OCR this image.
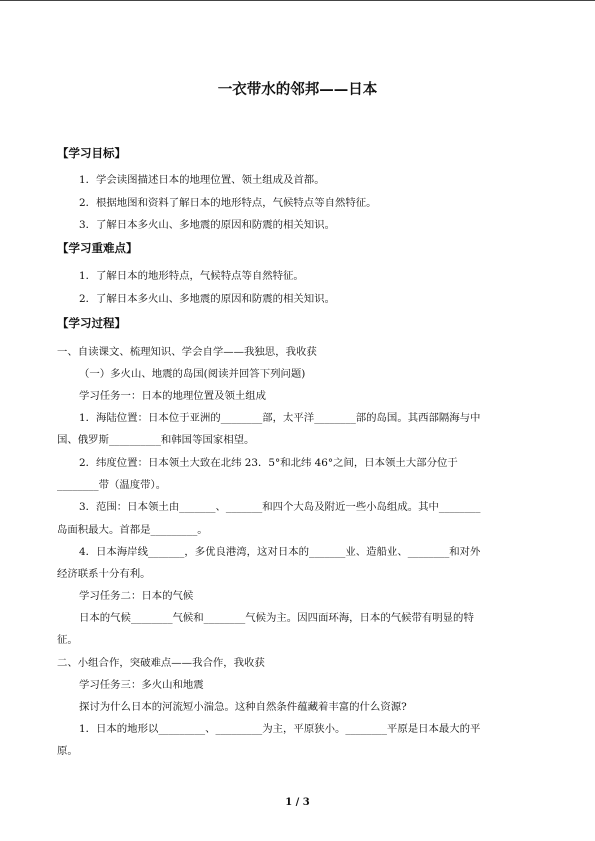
一衣带水的邻邦——日本
【学习目标】
1．学会读图描述日本的地理位置、领土组成及首都。
2．根据地图和资料了解日本的地形特点，气候特点等自然特征。
3．了解日本多火山、多地震的原因和防震的相关知识。
【学习重难点】
1．了解日本的地形特点，气候特点等自然特征。
2．了解日本多火山、多地震的原因和防震的相关知识。
【学习过程】
一、自读课文、梳理知识、学会自学——我独思，我收获
（一）多火山、地震的岛国(阅读并回答下列问题)
学习任务一：日本的地理位置及领土组成
1．海陆位置：日本位于亚洲的________部，太平洋________部的岛国。其西部隔海与中
国、俄罗斯__________和韩国等国家相望。
2．纬度位置：日本领土大致在北纬 23．5°和北纬 46°之间，日本领土大部分位于
________带（温度带）。
3．范围：日本领土由_______、_______和四个大岛及附近一些小岛组成。其中________
岛面积最大。首都是_________。
4．日本海岸线_______，多优良港湾，这对日本的_______业、造船业、________和对外
经济联系十分有利。
学习任务二：日本的气候
日本的气候________气候和________气候为主。因四面环海，日本的气候带有明显的特
征。
二、小组合作，突破难点——我合作，我收获
学习任务三：多火山和地震
探讨为什么日本的河流短小湍急。这种自然条件蕴藏着丰富的什么资源?
1．日本的地形以_________、_________为主，平原狭小。________平原是日本最大的平
原。
1 / 3
